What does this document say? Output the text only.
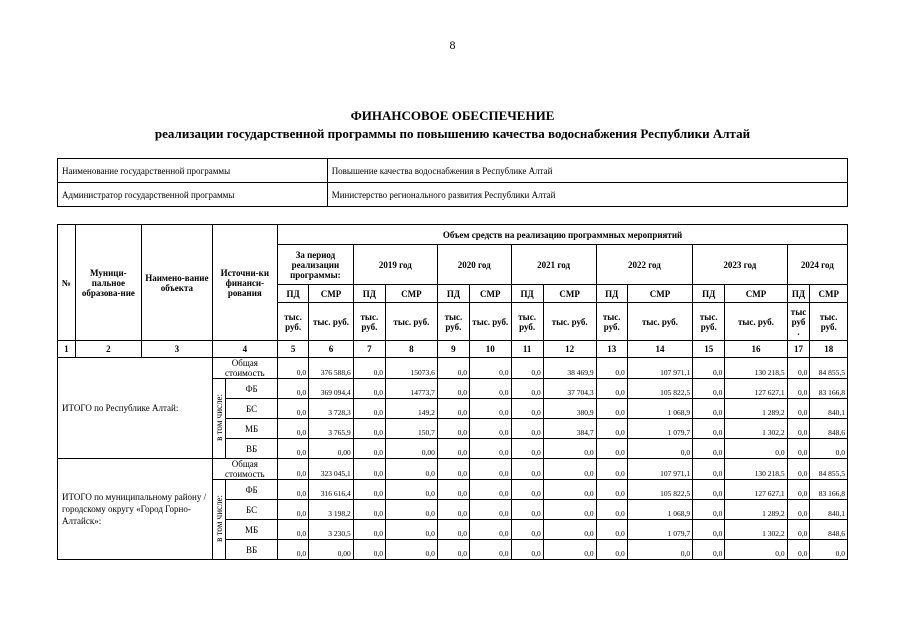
8
ФИНАНСОВОЕ ОБЕСПЕЧЕНИЕ
реализации государственной программы по повышению качества водоснабжения Республики Алтай
Наименование государственной программы	Повышение качества водоснабжения в Республике Алтай
Администратор государственной программы	Министерство регионального развития Республики Алтай
№	Муници-пальное образова-ние	Наимено-вание объекта	Источни-ки финанси-рования		Объем средств на реализацию программных мероприятий													
					За период реализации программы:		2019 год		2020 год		2021 год		2022 год		2023 год		2024 год	
					ПД	СМР	ПД	СМР	ПД	СМР	ПД	СМР	ПД	СМР	ПД	СМР	ПД	СМР
					тыс. руб.	тыс. руб.	тыс. руб.	тыс. руб.	тыс. руб.	тыс. руб.	тыс. руб.	тыс. руб.	тыс. руб.	тыс. руб.	тыс. руб.	тыс. руб.	тыс руб .	тыс. руб.
1	2	3	4		5	6	7	8	9	10	11	12	13	14	15	16	17	18
ИТОГО по Республике Алтай:			Общая стоимость		0,0	376 588,6	0,0	15073,6	0,0	0,0	0,0	38 469,9	0,0	107 971,1	0,0	130 218,5	0,0	84 855,5
			в том числе:	ФБ	0,0	369 094,4	0,0	14773,7	0,0	0,0	0,0	37 704,3	0,0	105 822,5	0,0	127 627,1	0,0	83 166,8
				БС	0,0	3 728,3	0,0	149,2	0,0	0,0	0,0	380,9	0,0	1 068,9	0,0	1 289,2	0,0	840,1
				МБ	0,0	3 765,9	0,0	150,7	0,0	0,0	0,0	384,7	0,0	1 079,7	0,0	1 302,2	0,0	848,6
				ВБ	0,0	0,00	0,0	0,00	0,0	0,0	0,0	0,0	0,0	0,0	0,0	0,0	0,0	0,0
ИТОГО по муниципальному району / городскому округу «Город Горно-Алтайск»:			Общая стоимость		0,0	323 045,1	0,0	0,0	0,0	0,0	0,0	0,0	0,0	107 971,1	0,0	130 218,5	0,0	84 855,5
			в том числе:	ФБ	0,0	316 616,4	0,0	0,0	0,0	0,0	0,0	0,0	0,0	105 822,5	0,0	127 627,1	0,0	83 166,8
				БС	0,0	3 198,2	0,0	0,0	0,0	0,0	0,0	0,0	0,0	1 068,9	0,0	1 289,2	0,0	840,1
				МБ	0,0	3 230,5	0,0	0,0	0,0	0,0	0,0	0,0	0,0	1 079,7	0,0	1 302,2	0,0	848,6
				ВБ	0,0	0,00	0,0	0,0	0,0	0,0	0,0	0,0	0,0	0,0	0,0	0,0	0,0	0,0
